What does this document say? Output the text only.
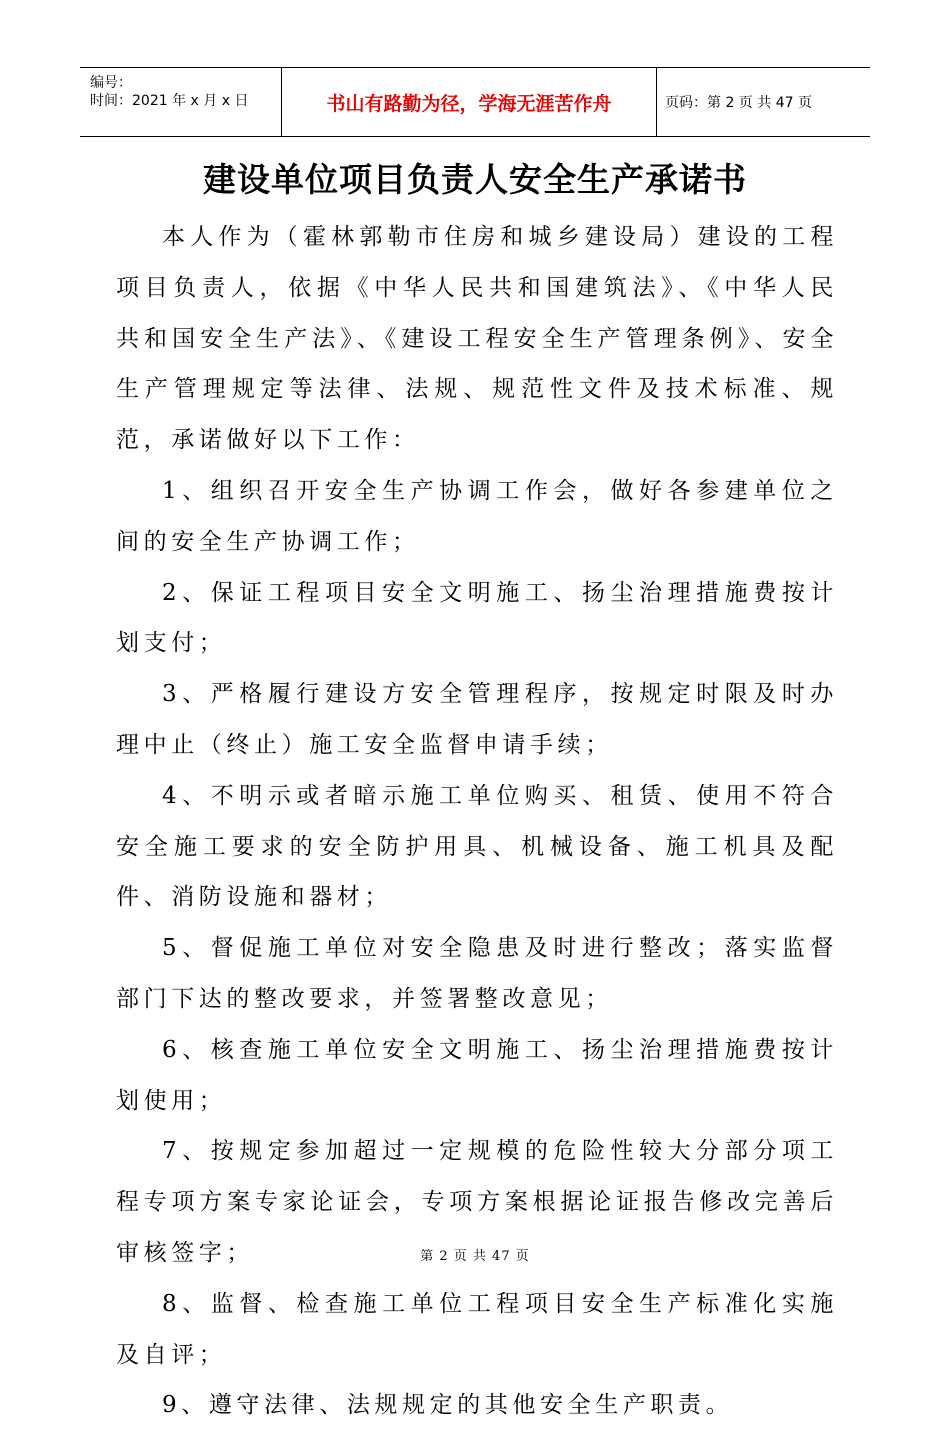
编号：
时间：2021 年 x 月 x 日	书山有路勤为径，学海无涯苦作舟	页码：第 2 页 共 47 页
建设单位项目负责人安全生产承诺书

本人作为（霍林郭勒市住房和城乡建设局）建设的工程项目负责人，依据《中华人民共和国建筑法》、《中华人民共和国安全生产法》、《建设工程安全生产管理条例》、安全生产管理规定等法律、法规、规范性文件及技术标准、规范，承诺做好以下工作：

1、组织召开安全生产协调工作会，做好各参建单位之间的安全生产协调工作；

2、保证工程项目安全文明施工、扬尘治理措施费按计划支付；

3、严格履行建设方安全管理程序，按规定时限及时办理中止（终止）施工安全监督申请手续；

4、不明示或者暗示施工单位购买、租赁、使用不符合安全施工要求的安全防护用具、机械设备、施工机具及配件、消防设施和器材；

5、督促施工单位对安全隐患及时进行整改；落实监督部门下达的整改要求，并签署整改意见；

6、核查施工单位安全文明施工、扬尘治理措施费按计划使用；

7、按规定参加超过一定规模的危险性较大分部分项工程专项方案专家论证会，专项方案根据论证报告修改完善后审核签字；

8、监督、检查施工单位工程项目安全生产标准化实施及自评；

9、遵守法律、法规规定的其他安全生产职责。

第 2 页 共 47 页
